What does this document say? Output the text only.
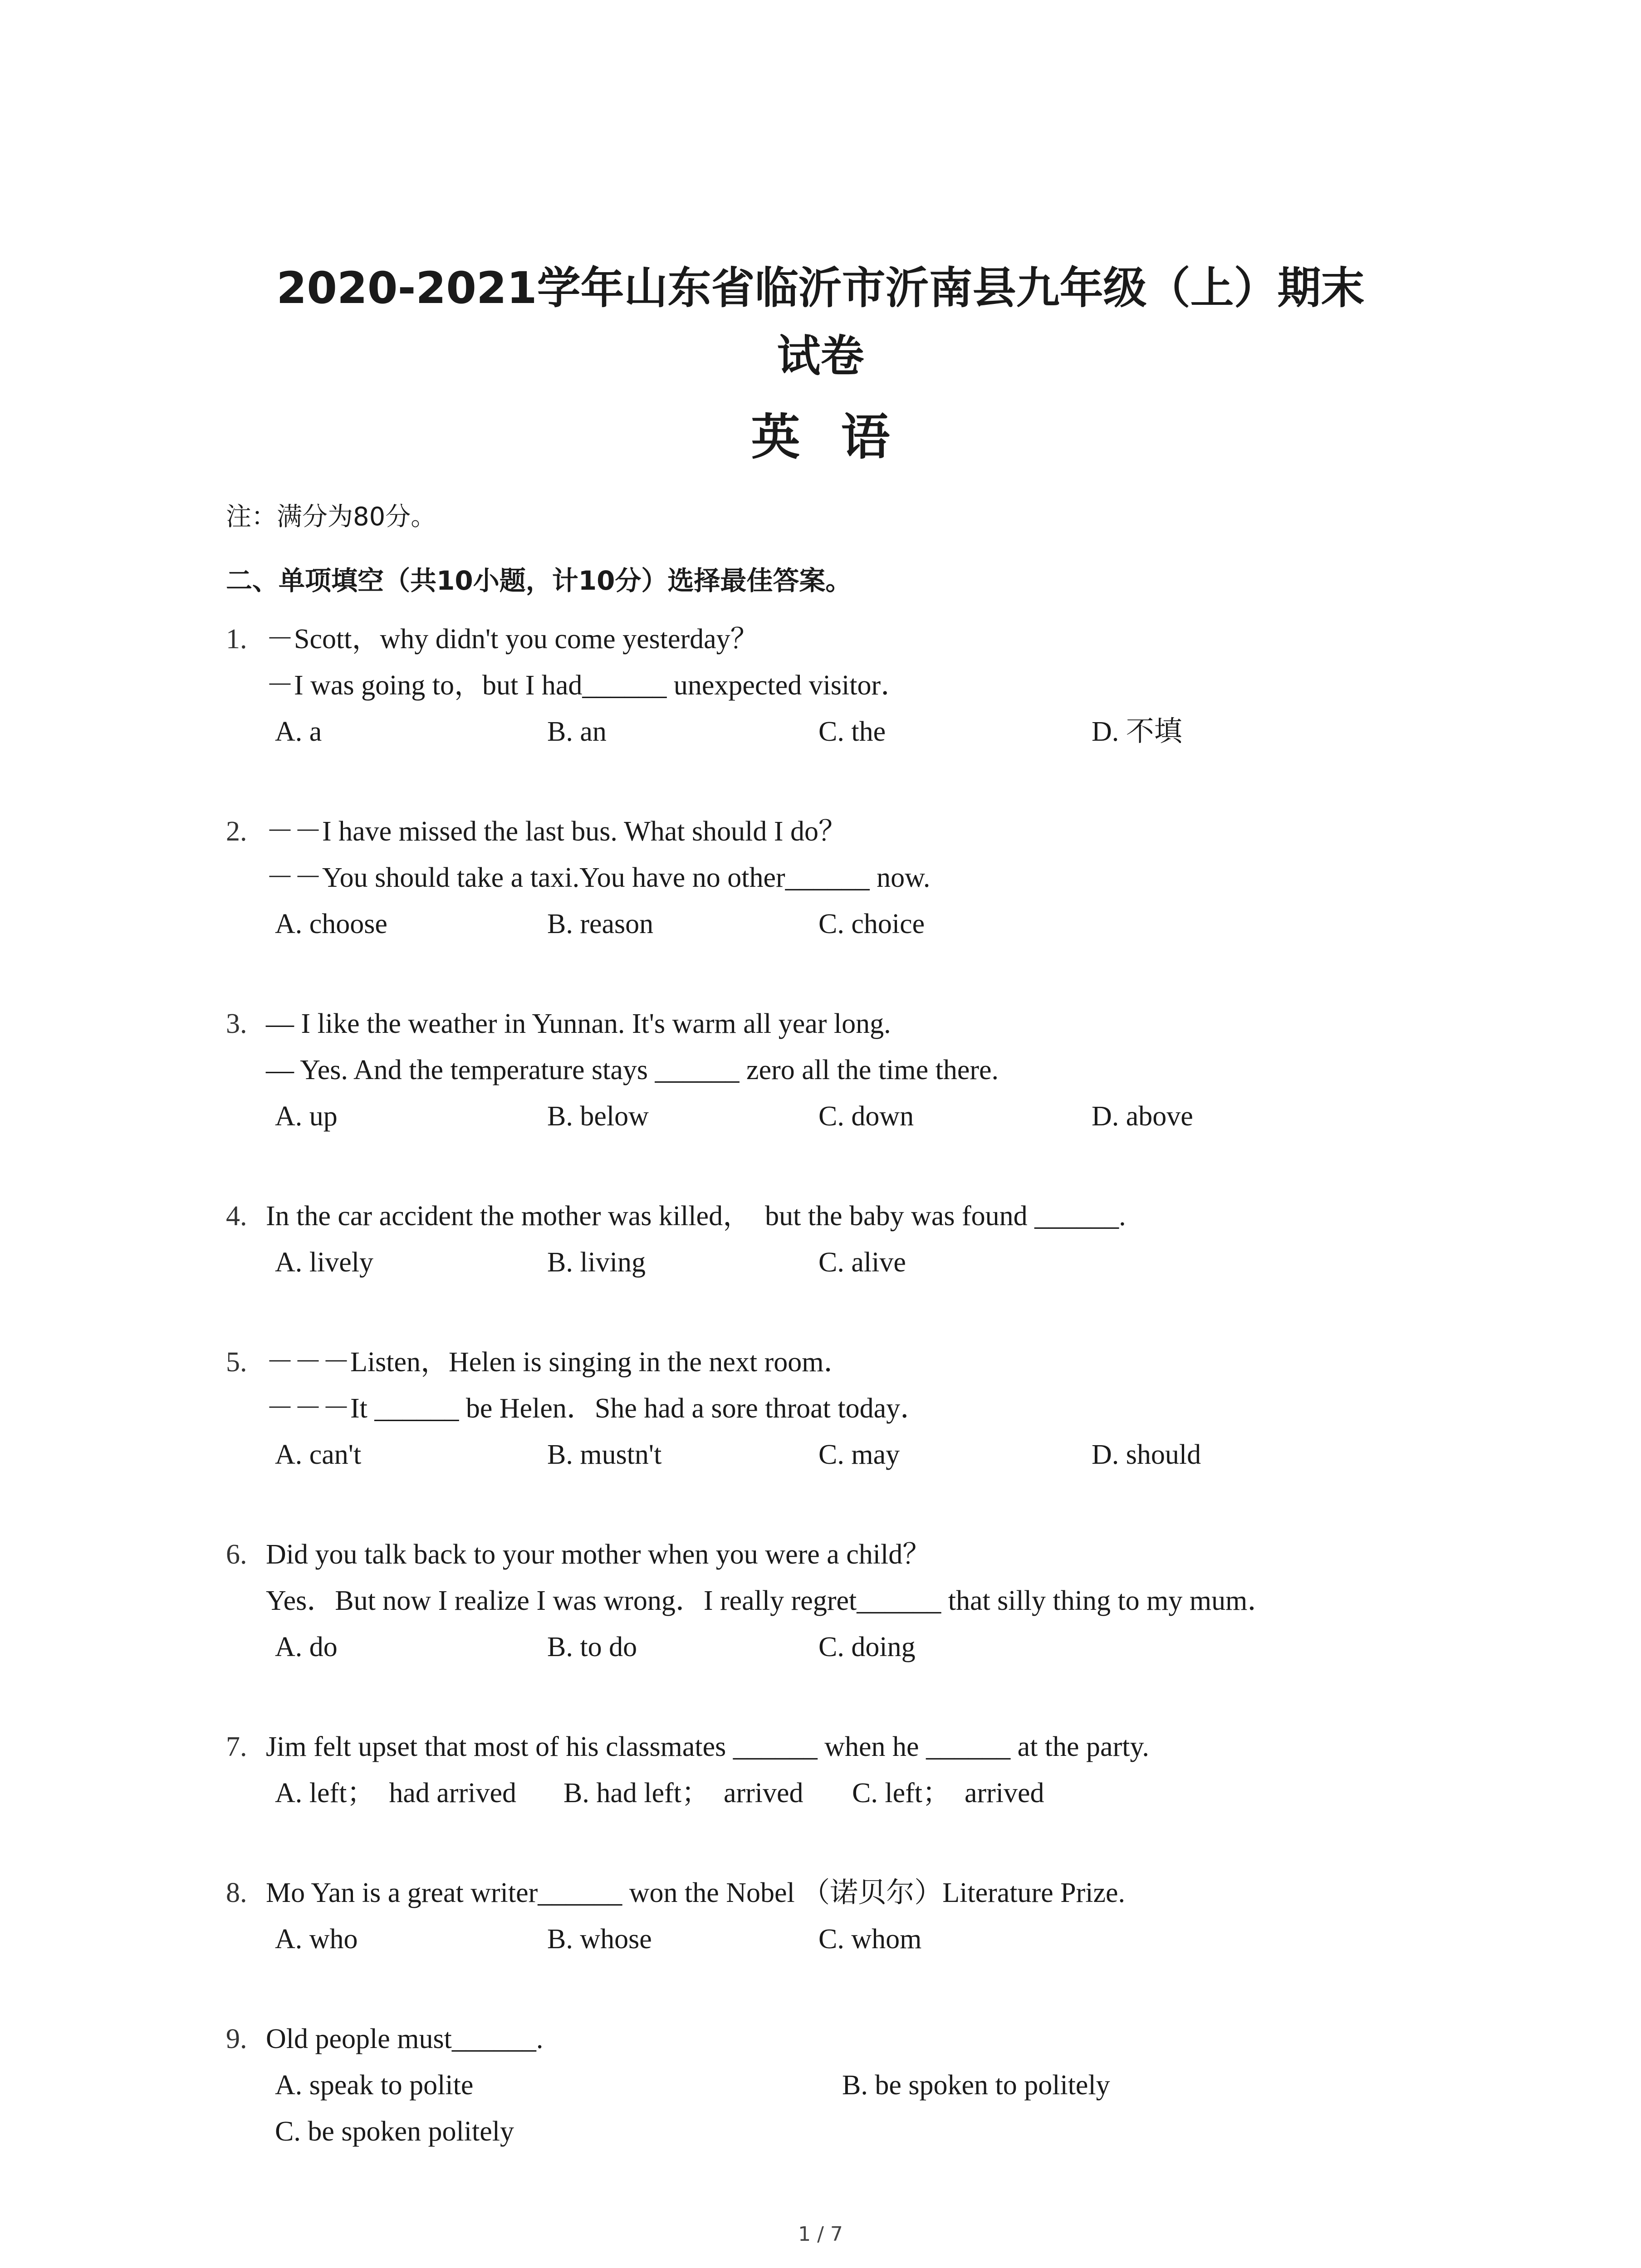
2020-2021学年山东省临沂市沂南县九年级（上）期末
试卷
英语
注：满分为80分。
二、单项填空（共10小题，计10分）选择最佳答案。
1. －Scott，why didn't you come yesterday？
－I was going to，but I had______ unexpected visitor．
A. a	B. an	C. the	D. 不填
2. －－I have missed the last bus. What should I do？
－－You should take a taxi.You have no other______ now.
A. choose	B. reason	C. choice
3. — I like the weather in Yunnan. It's warm all year long.
— Yes. And the temperature stays ______ zero all the time there.
A. up	B. below	C. down	D. above
4. In the car accident the mother was killed，  but the baby was found ______.
A. lively	B. living	C. alive
5. －－－Listen，Helen is singing in the next room．
－－－It ______ be Helen．She had a sore throat today．
A. can't	B. mustn't	C. may	D. should
6. Did you talk back to your mother when you were a child？
Yes．But now I realize I was wrong．I really regret______ that silly thing to my mum．
A. do	B. to do	C. doing
7. Jim felt upset that most of his classmates ______ when he ______ at the party.
A. left；  had arrived B. had left；  arrived C. left；  arrived
8. Mo Yan is a great writer______ won the Nobel （诺贝尔）Literature Prize.
A. who	B. whose	C. whom
9. Old people must______.
A. speak to polite	B. be spoken to politely
C. be spoken politely
1 / 7
